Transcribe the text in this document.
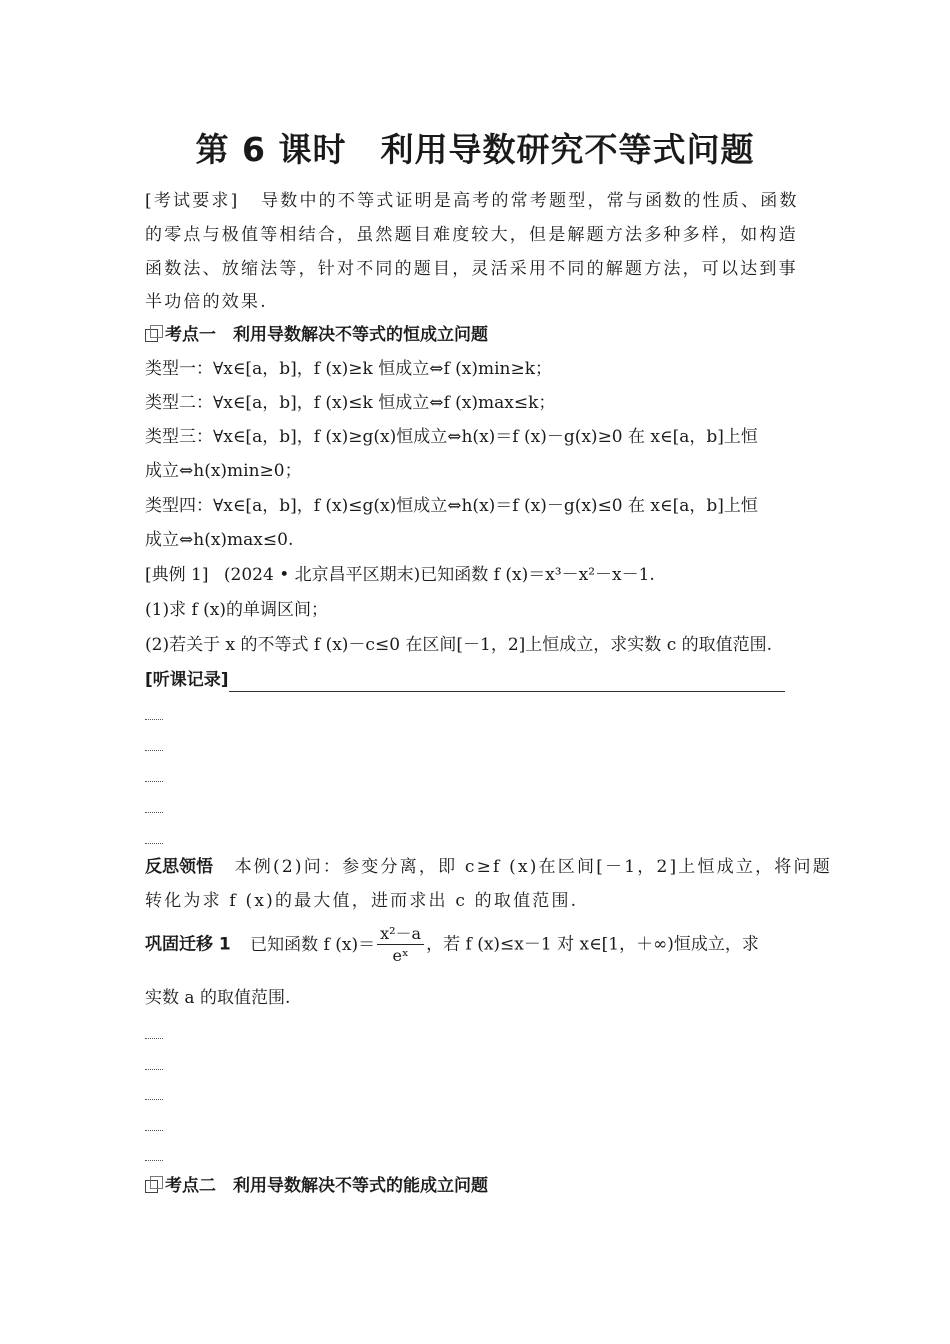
第 6 课时　利用导数研究不等式问题
[考试要求] 导数中的不等式证明是高考的常考题型，常与函数的性质、函数
的零点与极值等相结合，虽然题目难度较大，但是解题方法多种多样，如构造
函数法、放缩法等，针对不同的题目，灵活采用不同的解题方法，可以达到事
半功倍的效果.
考点一　利用导数解决不等式的恒成立问题
类型一：∀x∈[a，b]，f (x)≥k 恒成立⇔f (x)min≥k；
类型二：∀x∈[a，b]，f (x)≤k 恒成立⇔f (x)max≤k；
类型三：∀x∈[a，b]，f (x)≥g(x)恒成立⇔h(x)＝f (x)－g(x)≥0 在 x∈[a，b]上恒
成立⇔h(x)min≥0；
类型四：∀x∈[a，b]，f (x)≤g(x)恒成立⇔h(x)＝f (x)－g(x)≤0 在 x∈[a，b]上恒
成立⇔h(x)max≤0.
[典例 1] (2024 • 北京昌平区期末)已知函数 f (x)＝x³－x²－x－1.
(1)求 f (x)的单调区间；
(2)若关于 x 的不等式 f (x)－c≤0 在区间[－1，2]上恒成立，求实数 c 的取值范围.
[听课记录]
反思领悟 本例(2)问：参变分离，即 c≥f (x)在区间[－1，2]上恒成立，将问题
转化为求 f (x)的最大值，进而求出 c 的取值范围.
巩固迁移 1 已知函数 f $(x)= \frac{\text{x²－a}}{\text{eˣ}}$ ，若 f (x)≤x－1 对 x∈[1，＋∞)恒成立，求
实数 a 的取值范围.
考点二　利用导数解决不等式的能成立问题
